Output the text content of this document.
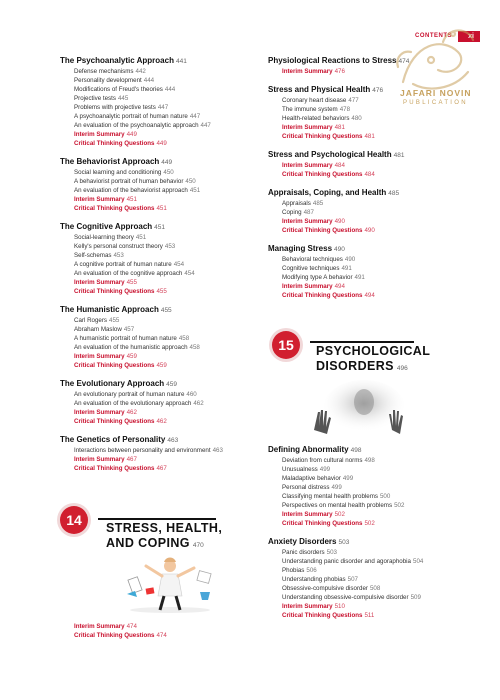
CONTENTS xi
JAFARI NOVIN
PUBLICATION
The Psychoanalytic Approach 441
Defense mechanisms 442
Personality development 444
Modifications of Freud's theories 444
Projective tests 445
Problems with projective tests 447
A psychoanalytic portrait of human nature 447
An evaluation of the psychoanalytic approach 447
Interim Summary 449
Critical Thinking Questions 449
The Behaviorist Approach 449
Social learning and conditioning 450
A behaviorist portrait of human behavior 450
An evaluation of the behaviorist approach 451
Interim Summary 451
Critical Thinking Questions 451
The Cognitive Approach 451
Social-learning theory 451
Kelly's personal construct theory 453
Self-schemas 453
A cognitive portrait of human nature 454
An evaluation of the cognitive approach 454
Interim Summary 455
Critical Thinking Questions 455
The Humanistic Approach 455
Carl Rogers 455
Abraham Maslow 457
A humanistic portrait of human nature 458
An evaluation of the humanistic approach 458
Interim Summary 459
Critical Thinking Questions 459
The Evolutionary Approach 459
An evolutionary portrait of human nature 460
An evaluation of the evolutionary approach 462
Interim Summary 462
Critical Thinking Questions 462
The Genetics of Personality 463
Interactions between personality and environment 463
Interim Summary 467
Critical Thinking Questions 467
14	STRESS, HEALTH,
AND COPING 470
Interim Summary 474
Critical Thinking Questions 474
Physiological Reactions to Stress 474
Interim Summary 476
Stress and Physical Health 476
Coronary heart disease 477
The immune system 478
Health-related behaviors 480
Interim Summary 481
Critical Thinking Questions 481
Stress and Psychological Health 481
Interim Summary 484
Critical Thinking Questions 484
Appraisals, Coping, and Health 485
Appraisals 485
Coping 487
Interim Summary 490
Critical Thinking Questions 490
Managing Stress 490
Behavioral techniques 490
Cognitive techniques 491
Modifying type A behavior 491
Interim Summary 494
Critical Thinking Questions 494
15	PSYCHOLOGICAL
DISORDERS 496
Defining Abnormality 498
Deviation from cultural norms 498
Unusualness 499
Maladaptive behavior 499
Personal distress 499
Classifying mental health problems 500
Perspectives on mental health problems 502
Interim Summary 502
Critical Thinking Questions 502
Anxiety Disorders 503
Panic disorders 503
Understanding panic disorder and agoraphobia 504
Phobias 506
Understanding phobias 507
Obsessive-compulsive disorder 508
Understanding obsessive-compulsive disorder 509
Interim Summary 510
Critical Thinking Questions 511
